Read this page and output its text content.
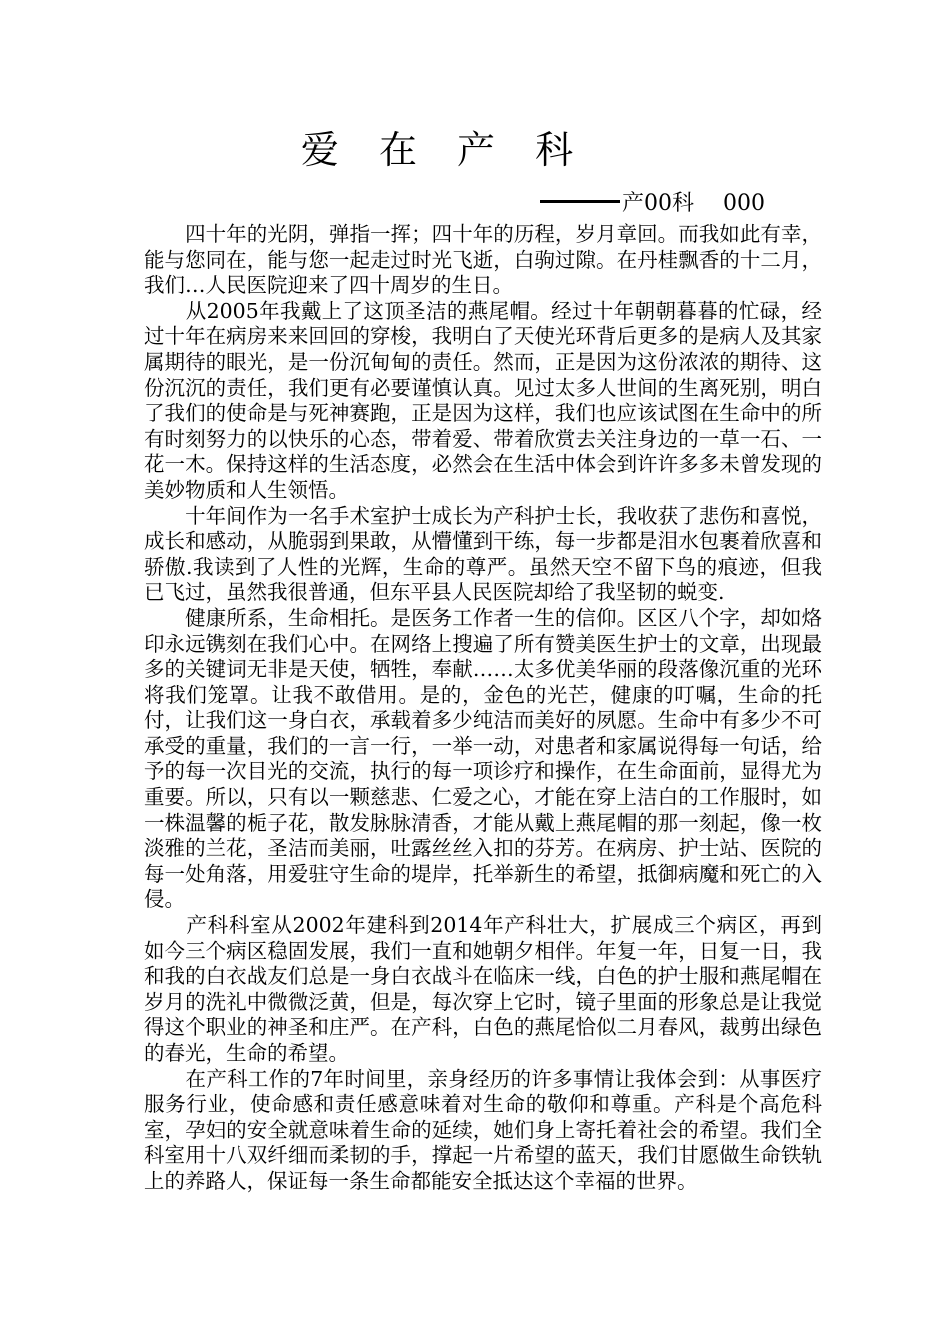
爱 在 产 科
产00科　 000

　　四十年的光阴，弹指一挥；四十年的历程，岁月章回。而我如此有幸，能与您同在，能与您一起走过时光飞逝，白驹过隙。在丹桂飘香的十二月，我们…人民医院迎来了四十周岁的生日。

　　从2005年我戴上了这顶圣洁的燕尾帽。经过十年朝朝暮暮的忙碌，经过十年在病房来来回回的穿梭，我明白了天使光环背后更多的是病人及其家属期待的眼光，是一份沉甸甸的责任。然而，正是因为这份浓浓的期待、这份沉沉的责任，我们更有必要谨慎认真。见过太多人世间的生离死别，明白了我们的使命是与死神赛跑，正是因为这样，我们也应该试图在生命中的所有时刻努力的以快乐的心态，带着爱、带着欣赏去关注身边的一草一石、一花一木。保持这样的生活态度，必然会在生活中体会到许许多多未曾发现的美妙物质和人生领悟。

　　十年间作为一名手术室护士成长为产科护士长，我收获了悲伤和喜悦，成长和感动，从脆弱到果敢，从懵懂到干练，每一步都是泪水包裹着欣喜和骄傲.我读到了人性的光辉，生命的尊严。虽然天空不留下鸟的痕迹，但我已飞过，虽然我很普通，但东平县人民医院却给了我坚韧的蜕变.

　　健康所系，生命相托。是医务工作者一生的信仰。区区八个字，却如烙印永远镌刻在我们心中。在网络上搜遍了所有赞美医生护士的文章，出现最多的关键词无非是天使，牺牲，奉献……太多优美华丽的段落像沉重的光环将我们笼罩。让我不敢借用。是的，金色的光芒，健康的叮嘱，生命的托付，让我们这一身白衣，承载着多少纯洁而美好的夙愿。生命中有多少不可承受的重量，我们的一言一行，一举一动，对患者和家属说得每一句话，给予的每一次目光的交流，执行的每一项诊疗和操作，在生命面前，显得尤为重要。所以，只有以一颗慈悲、仁爱之心，才能在穿上洁白的工作服时，如一株温馨的栀子花，散发脉脉清香，才能从戴上燕尾帽的那一刻起，像一枚淡雅的兰花，圣洁而美丽，吐露丝丝入扣的芬芳。在病房、护士站、医院的每一处角落，用爱驻守生命的堤岸，托举新生的希望，抵御病魔和死亡的入侵。

　　产科科室从2002年建科到2014年产科壮大，扩展成三个病区，再到如今三个病区稳固发展，我们一直和她朝夕相伴。年复一年，日复一日，我和我的白衣战友们总是一身白衣战斗在临床一线，白色的护士服和燕尾帽在岁月的洗礼中微微泛黄，但是，每次穿上它时，镜子里面的形象总是让我觉得这个职业的神圣和庄严。在产科，白色的燕尾恰似二月春风，裁剪出绿色的春光，生命的希望。

　　在产科工作的7年时间里，亲身经历的许多事情让我体会到：从事医疗服务行业，使命感和责任感意味着对生命的敬仰和尊重。产科是个高危科室，孕妇的安全就意味着生命的延续，她们身上寄托着社会的希望。我们全科室用十八双纤细而柔韧的手，撑起一片希望的蓝天，我们甘愿做生命铁轨上的养路人，保证每一条生命都能安全抵达这个幸福的世界。
